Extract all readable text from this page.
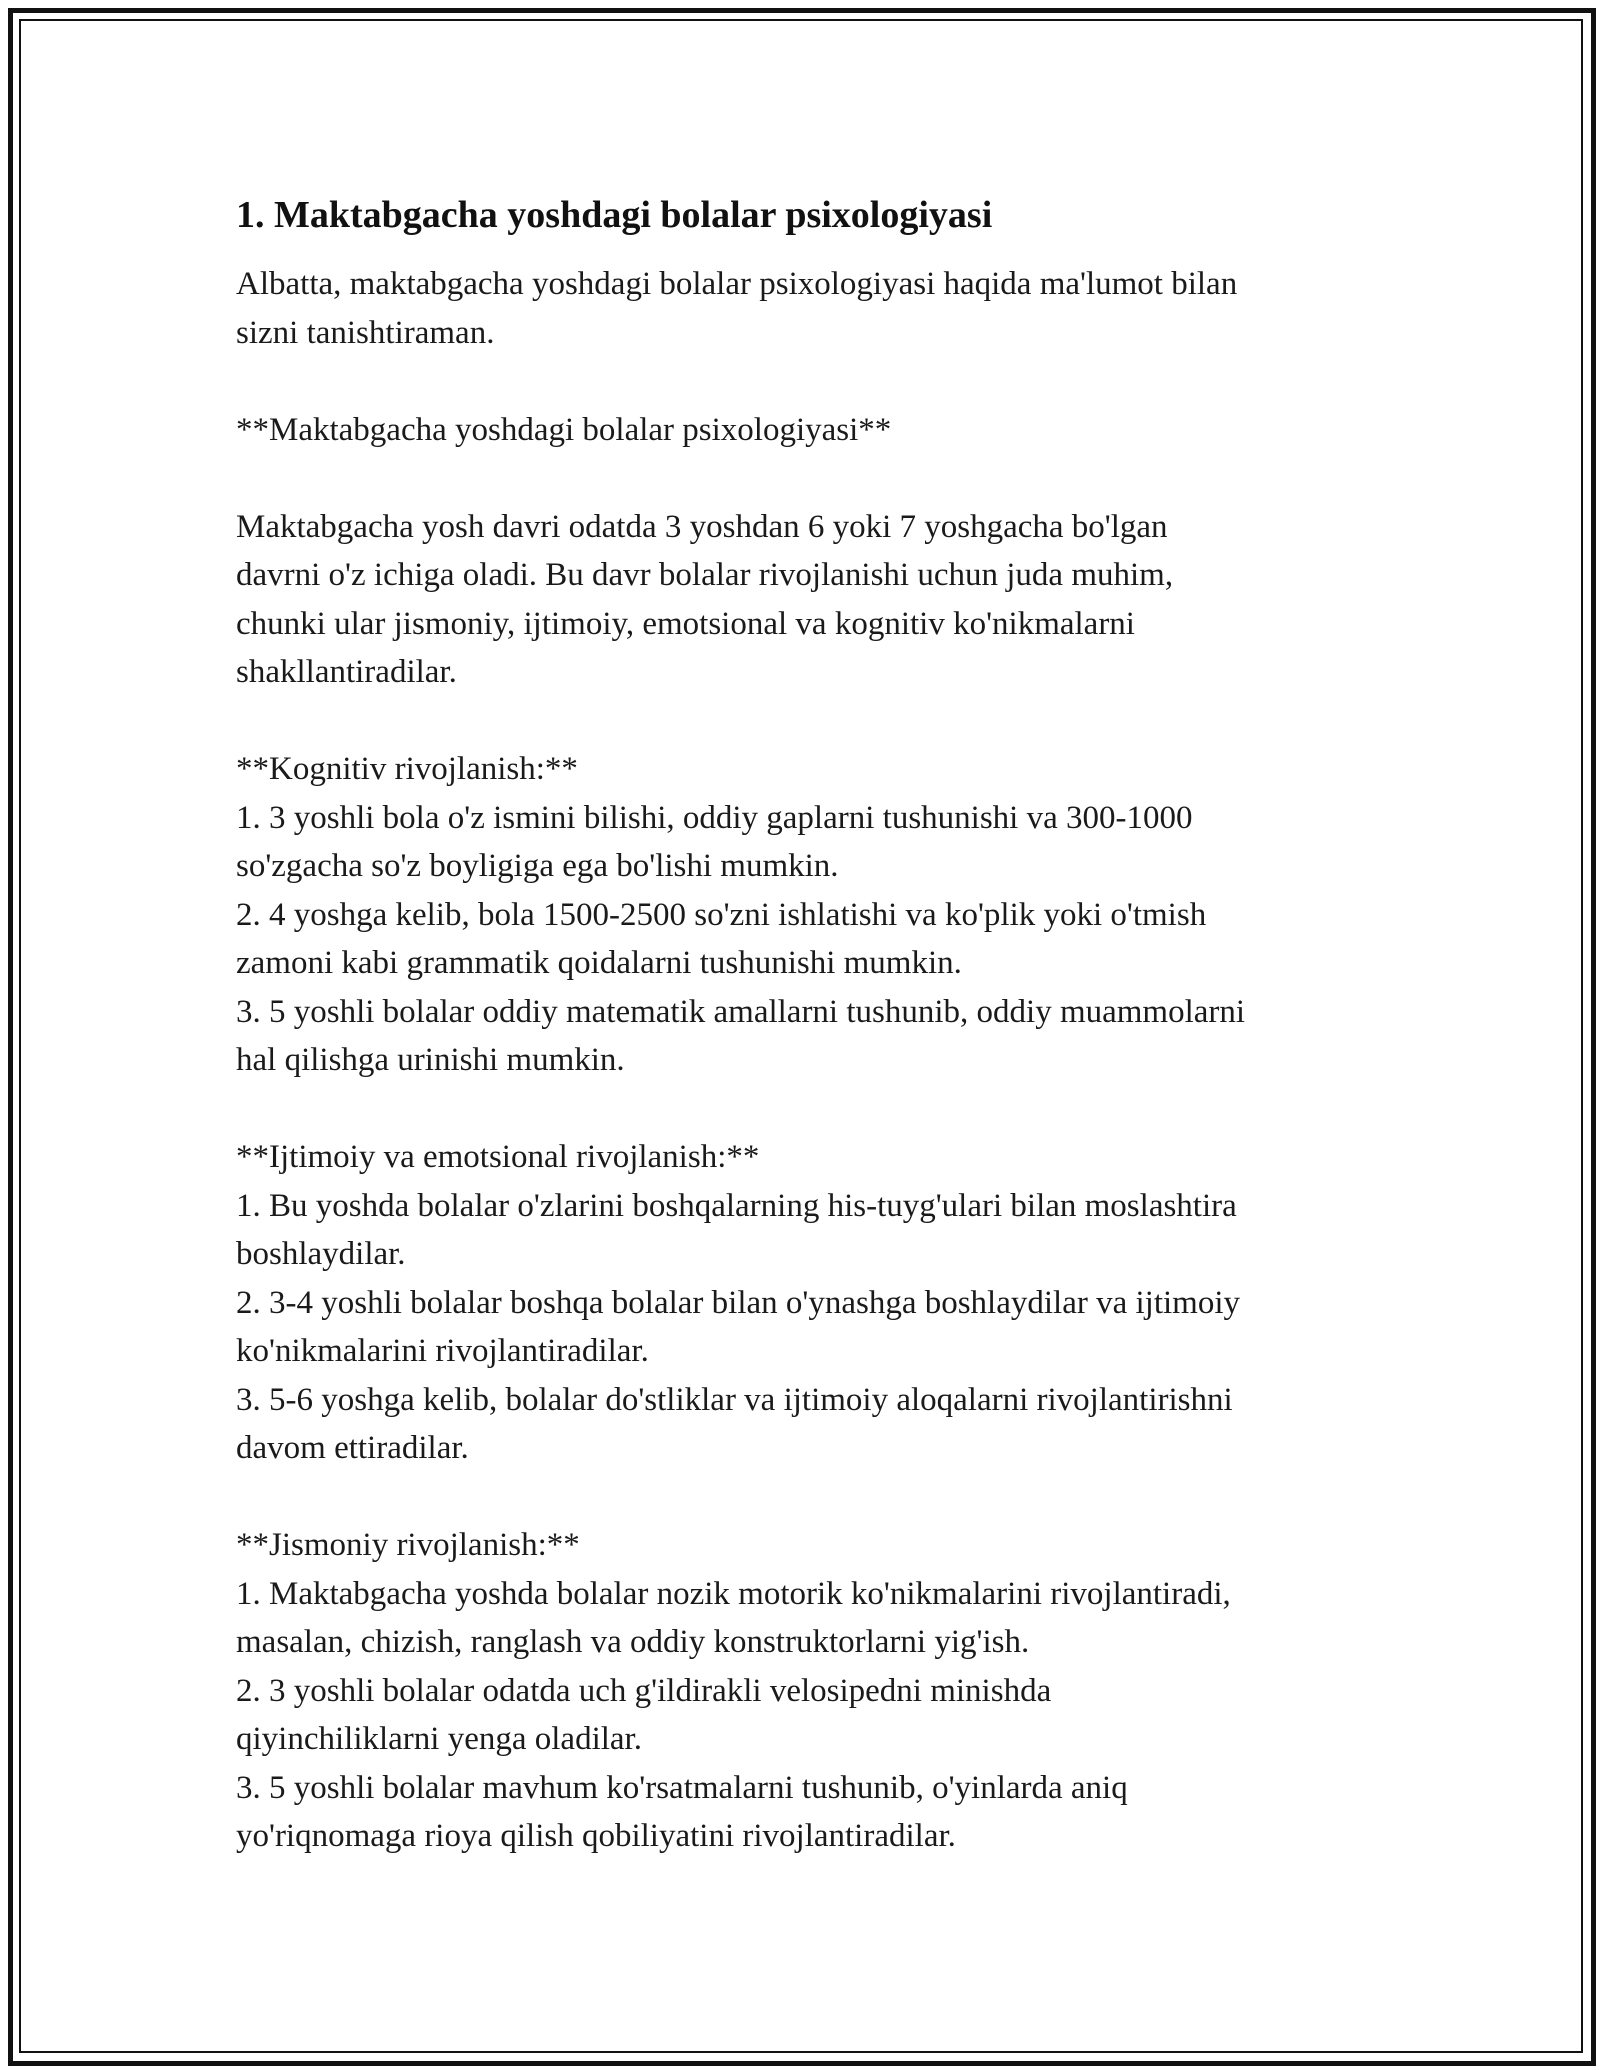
1. Maktabgacha yoshdagi bolalar psixologiyasi

Albatta, maktabgacha yoshdagi bolalar psixologiyasi haqida ma'lumot bilan
sizni tanishtiraman.

**Maktabgacha yoshdagi bolalar psixologiyasi**

Maktabgacha yosh davri odatda 3 yoshdan 6 yoki 7 yoshgacha bo'lgan
davrni o'z ichiga oladi. Bu davr bolalar rivojlanishi uchun juda muhim,
chunki ular jismoniy, ijtimoiy, emotsional va kognitiv ko'nikmalarni
shakllantiradilar.

**Kognitiv rivojlanish:**
1. 3 yoshli bola o'z ismini bilishi, oddiy gaplarni tushunishi va 300-1000
so'zgacha so'z boyligiga ega bo'lishi mumkin.
2. 4 yoshga kelib, bola 1500-2500 so'zni ishlatishi va ko'plik yoki o'tmish
zamoni kabi grammatik qoidalarni tushunishi mumkin.
3. 5 yoshli bolalar oddiy matematik amallarni tushunib, oddiy muammolarni
hal qilishga urinishi mumkin.
**Ijtimoiy va emotsional rivojlanish:**
1. Bu yoshda bolalar o'zlarini boshqalarning his-tuyg'ulari bilan moslashtira
boshlaydilar.
2. 3-4 yoshli bolalar boshqa bolalar bilan o'ynashga boshlaydilar va ijtimoiy
ko'nikmalarini rivojlantiradilar.
3. 5-6 yoshga kelib, bolalar do'stliklar va ijtimoiy aloqalarni rivojlantirishni
davom ettiradilar.
**Jismoniy rivojlanish:**
1. Maktabgacha yoshda bolalar nozik motorik ko'nikmalarini rivojlantiradi,
masalan, chizish, ranglash va oddiy konstruktorlarni yig'ish.
2. 3 yoshli bolalar odatda uch g'ildirakli velosipedni minishda
qiyinchiliklarni yenga oladilar.
3. 5 yoshli bolalar mavhum ko'rsatmalarni tushunib, o'yinlarda aniq
yo'riqnomaga rioya qilish qobiliyatini rivojlantiradilar.
